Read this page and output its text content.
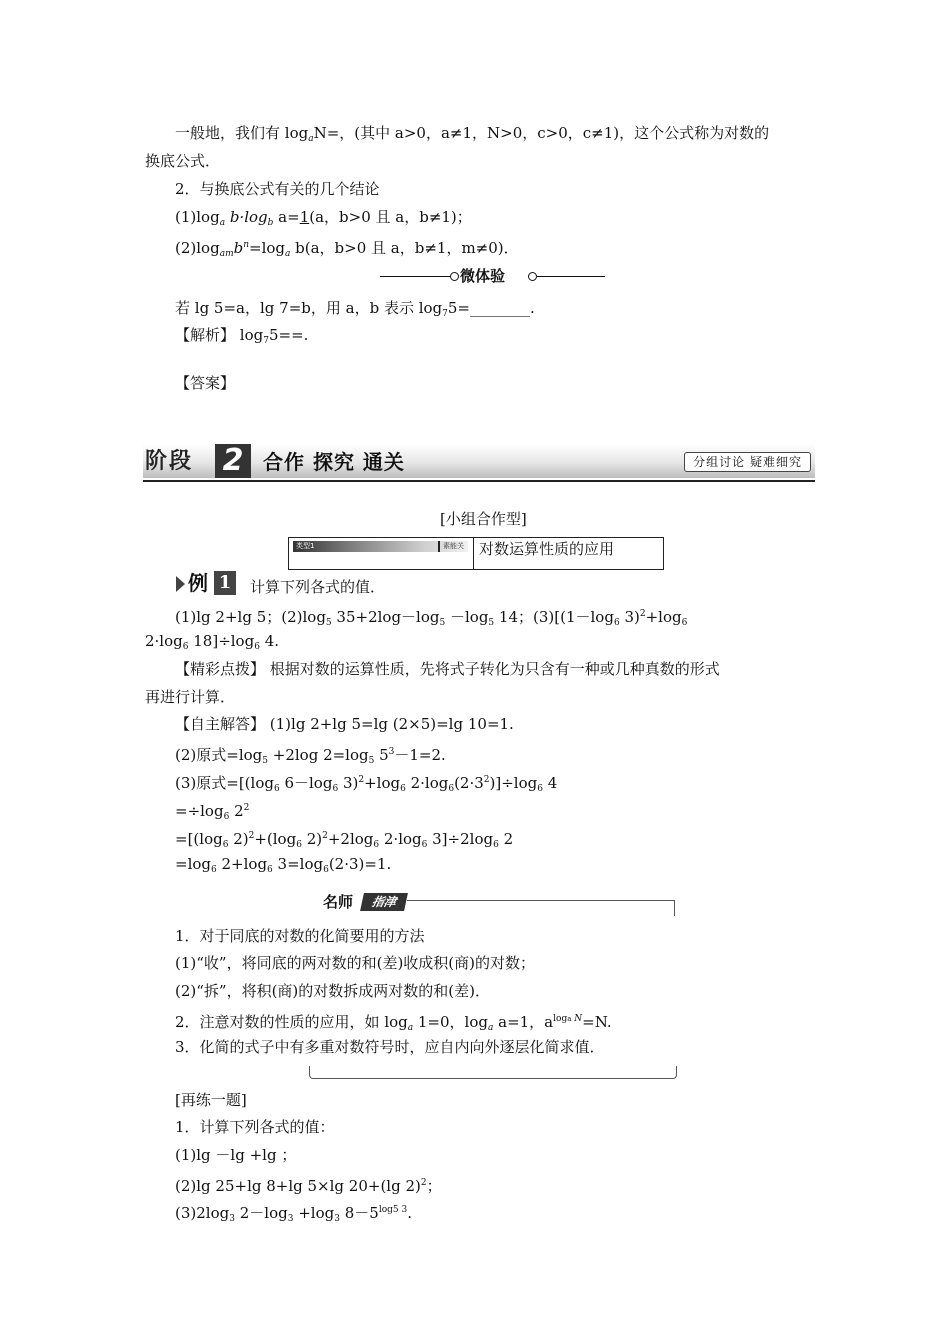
一般地，我们有 $\log_aN=$，(其中 a>0，a≠1，N>0，c>0，c≠1)，这个公式称为对数的
换底公式．
2．与换底公式有关的几个结论
$(1)\log_a$ $b\cdot\log_b$ a=1(a，b>0 且 a，b≠1)；
$(2)\log_{am}b^n=\log_a$ b(a，b>0 且 a，b≠1，m≠0)．
微体验
若 lg 5=a，lg 7=b，用 a，b 表示 $\log_75=\_\_\_\_\_\_\_\_$.
【解析】 $\log_75==$.
【答案】
阶段 2 合作 探究 通关	分组讨论 疑难细究
[小组合作型]
类型1	素能关 对数运算性质的应用
例 1	计算下列各式的值．
(1)lg 2+lg 5；$(2)\log_5$ $35+2\log-\log_5 -\log_5$ 14；$(3)[(1-\log_6$ $3)^2+\log_6$
$2\cdot\log_6$ $18]\div\log_6$ 4.
【精彩点拨】 根据对数的运算性质，先将式子转化为只含有一种或几种真数的形式
再进行计算．
【自主解答】 (1)lg 2+lg 5=lg (2×5)=lg 10=1.
(2)原式$=\log_5 +2\log$ $2=\log_5$ $5^3-1=2$.
(3)原式$=[(\log_6$ $6-\log_6$ $3)^2+\log_6$ $2\cdot\log_6(2\cdot 3^2)]\div\log_6$ 4
$=\div\log_6$ $2^2$
$=[(\log_6$ $2)^2+(\log_6$ $2)^2+2\log_6$ $2\cdot\log_6$ $3]\div 2\log_6$ 2
$=\log_6$ $2+\log_6$ $3=\log_6(2\cdot 3)=1$.
名师	指津
1．对于同底的对数的化简要用的方法
(1)“收”，将同底的两对数的和(差)收成积(商)的对数；
(2)“拆”，将积(商)的对数拆成两对数的和(差)．
2．注意对数的性质的应用，如 $\log_a 1=0$，$\log_a a=1$，$a^{loga}$ $^N$=N.
3．化简的式子中有多重对数符号时，应自内向外逐层化简求值．
[再练一题]
1．计算下列各式的值：
(1)lg －lg +lg ；
(2)lg 25+lg 8+lg 5×lg 20+(lg 2)$^2$；
$(3)2\log_3$ $2-\log_3 +\log_3$ $8-5^{log5 3}$.
